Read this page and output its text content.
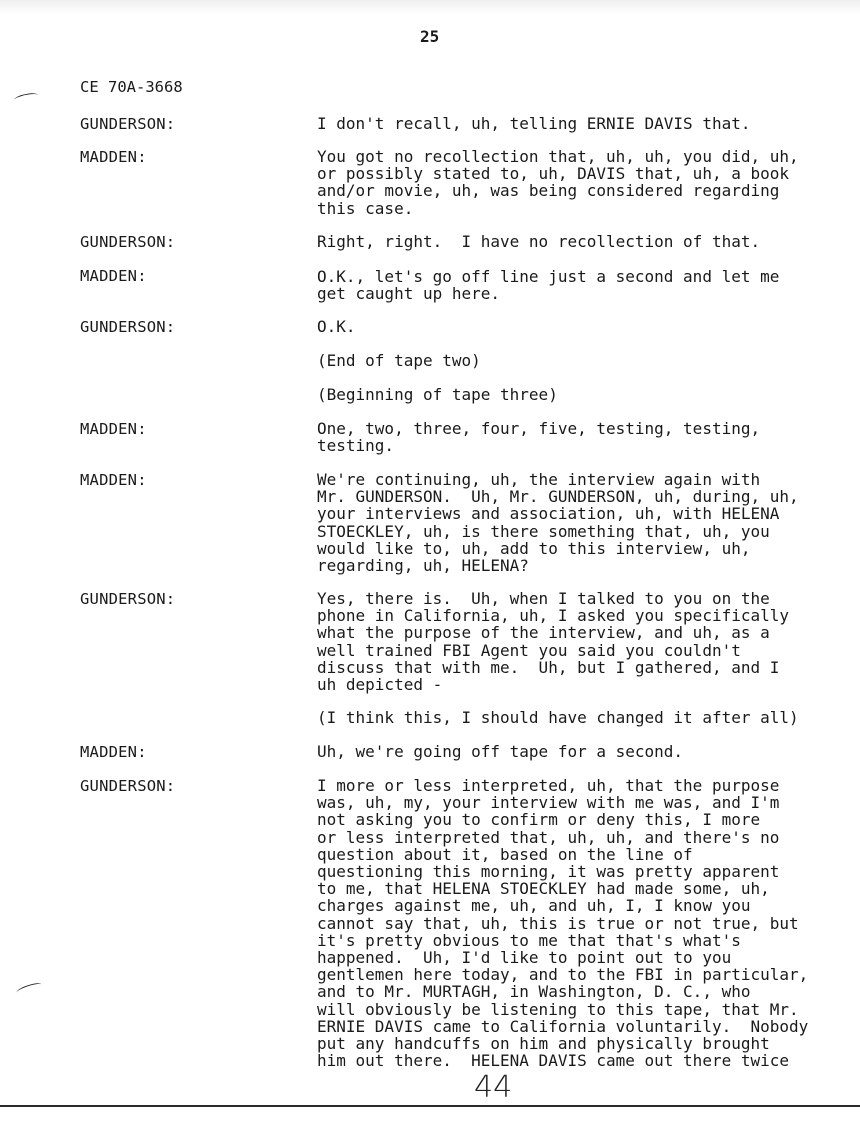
25
CE 70A-3668
GUNDERSON:	I don't recall, uh, telling ERNIE DAVIS that.
MADDEN:	You got no recollection that, uh, uh, you did, uh,
or possibly stated to, uh, DAVIS that, uh, a book
and/or movie, uh, was being considered regarding
this case.
GUNDERSON:	Right, right.  I have no recollection of that.
MADDEN:	O.K., let's go off line just a second and let me
get caught up here.
GUNDERSON:	O.K.
(End of tape two)
(Beginning of tape three)
MADDEN:	One, two, three, four, five, testing, testing,
testing.
MADDEN:	We're continuing, uh, the interview again with
Mr. GUNDERSON.  Uh, Mr. GUNDERSON, uh, during, uh,
your interviews and association, uh, with HELENA
STOECKLEY, uh, is there something that, uh, you
would like to, uh, add to this interview, uh,
regarding, uh, HELENA?
GUNDERSON:	Yes, there is.  Uh, when I talked to you on the
phone in California, uh, I asked you specifically
what the purpose of the interview, and uh, as a
well trained FBI Agent you said you couldn't
discuss that with me.  Uh, but I gathered, and I
uh depicted -
(I think this, I should have changed it after all)
MADDEN:	Uh, we're going off tape for a second.
GUNDERSON:	I more or less interpreted, uh, that the purpose
was, uh, my, your interview with me was, and I'm
not asking you to confirm or deny this, I more
or less interpreted that, uh, uh, and there's no
question about it, based on the line of
questioning this morning, it was pretty apparent
to me, that HELENA STOECKLEY had made some, uh,
charges against me, uh, and uh, I, I know you
cannot say that, uh, this is true or not true, but
it's pretty obvious to me that that's what's
happened.  Uh, I'd like to point out to you
gentlemen here today, and to the FBI in particular,
and to Mr. MURTAGH, in Washington, D. C., who
will obviously be listening to this tape, that Mr.
ERNIE DAVIS came to California voluntarily.  Nobody
put any handcuffs on him and physically brought
him out there.  HELENA DAVIS came out there twice
44
